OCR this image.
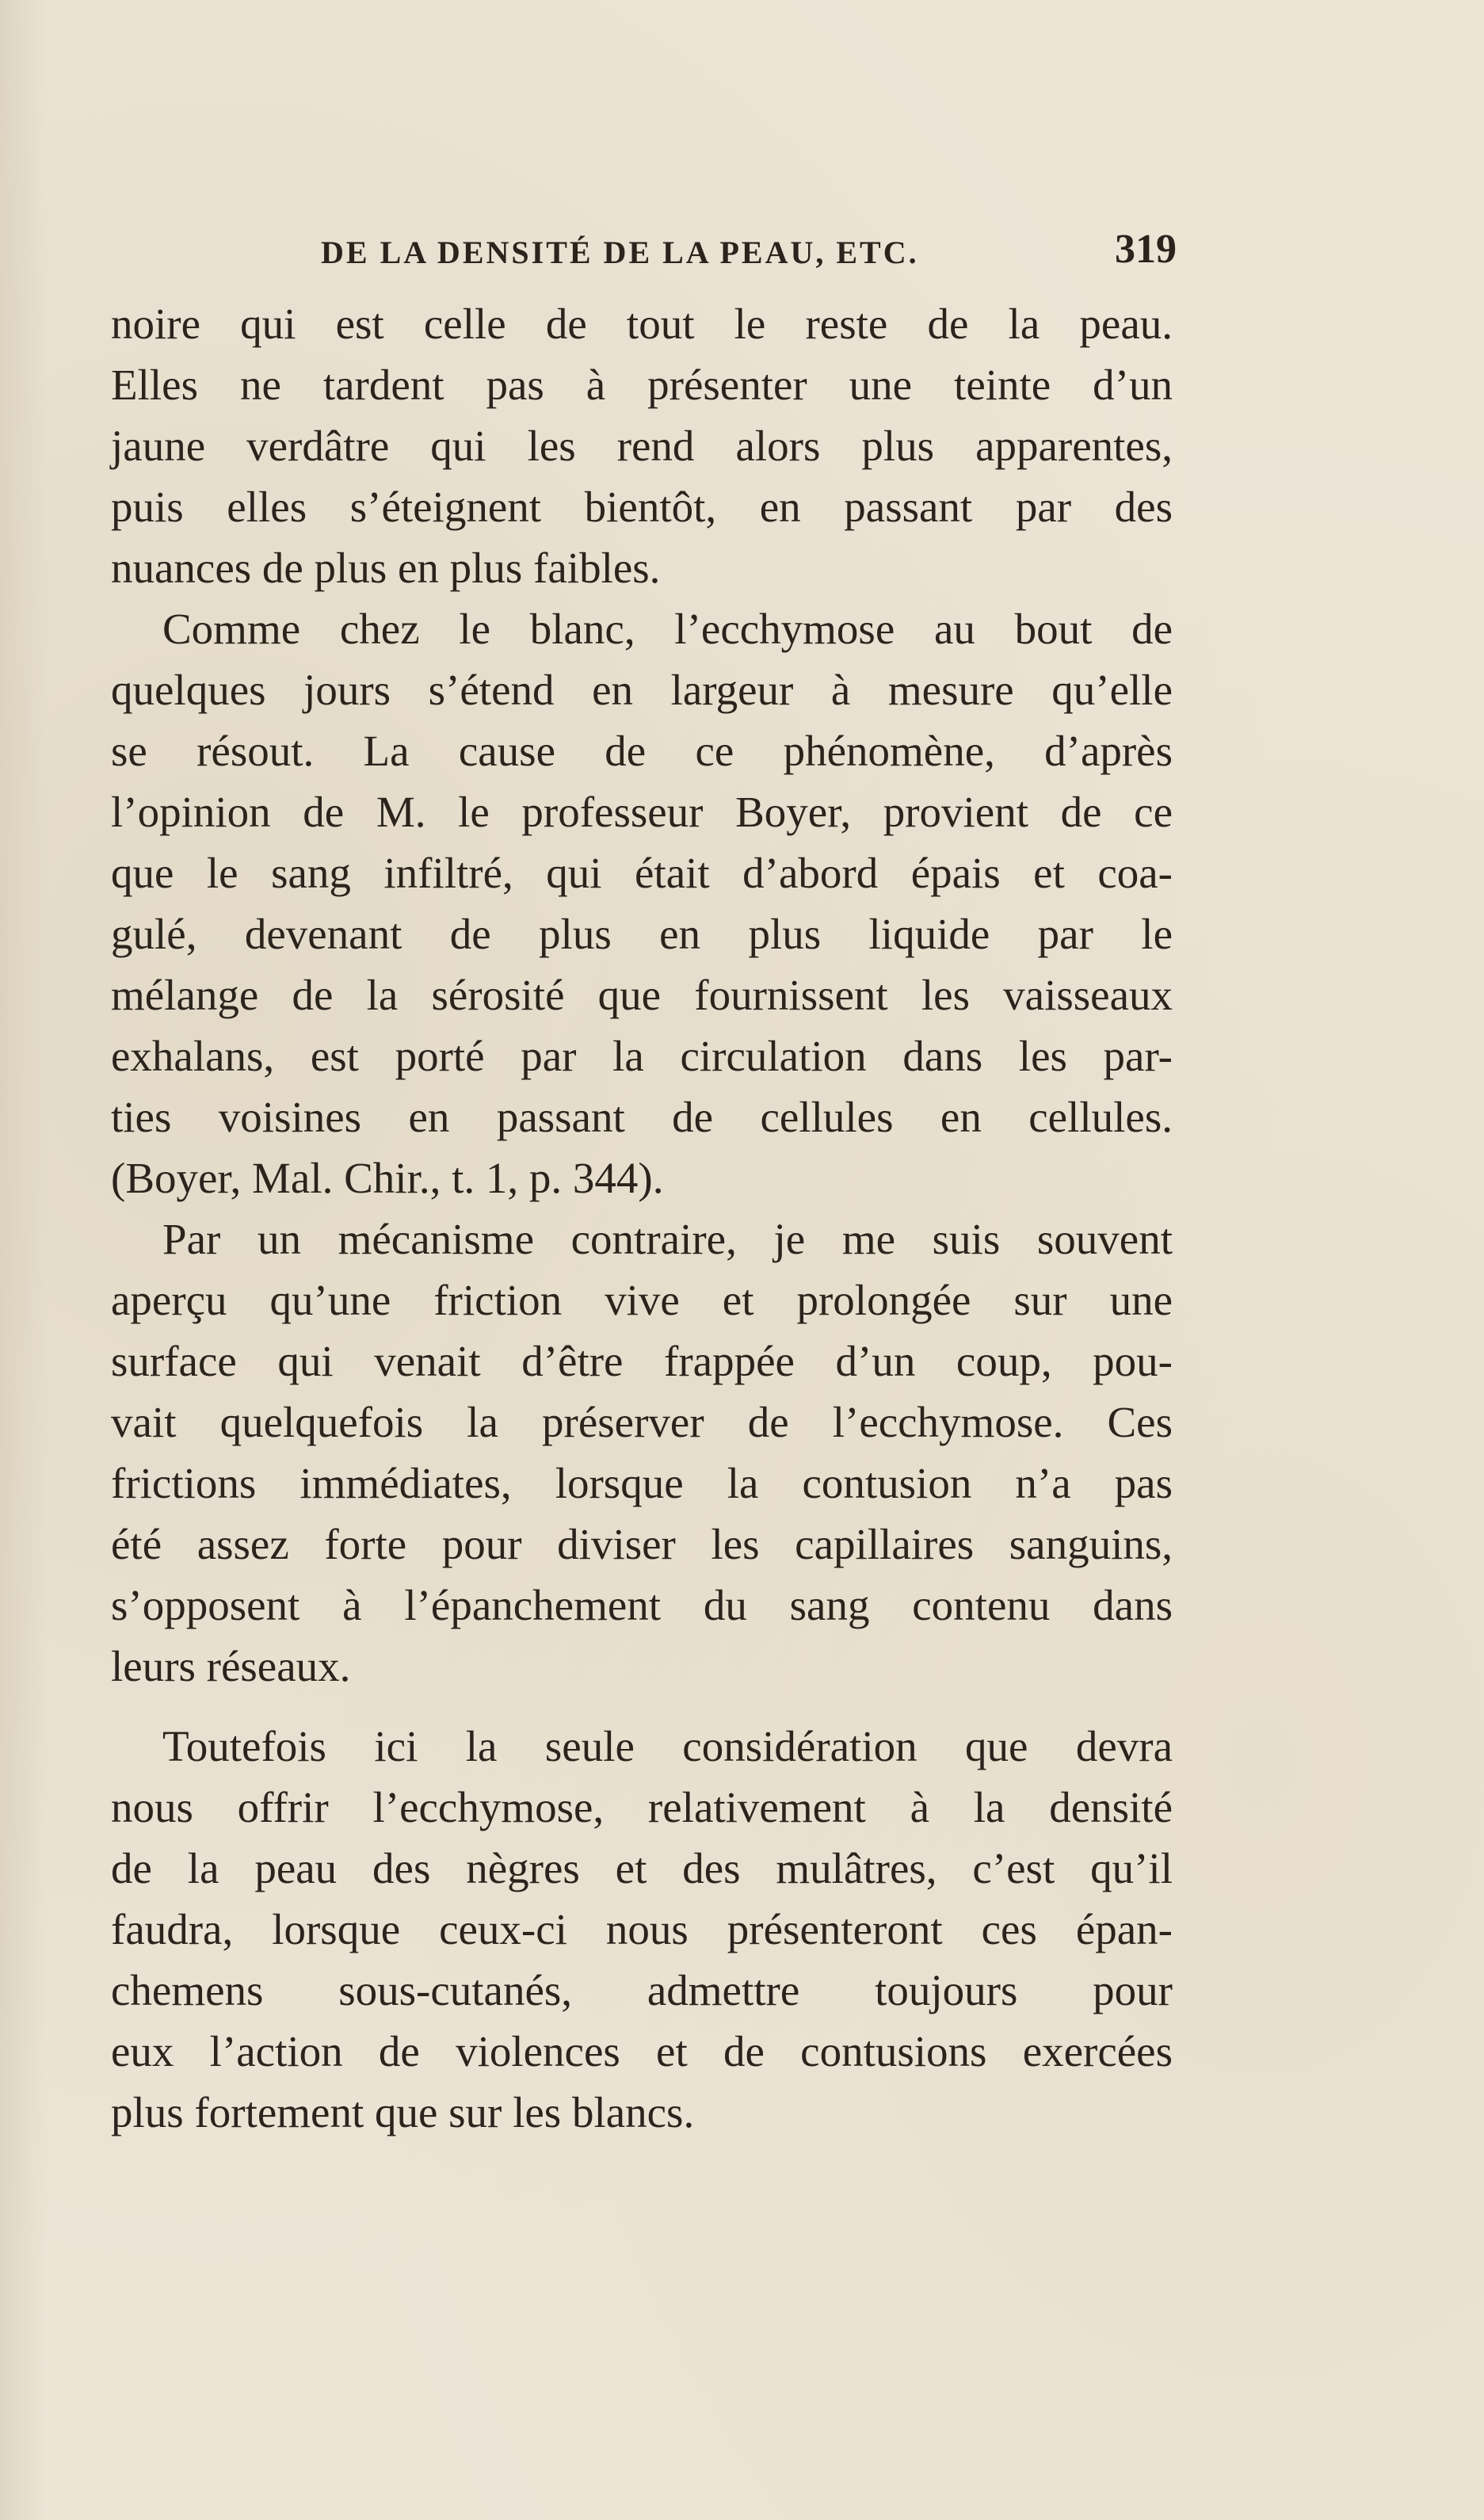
DE LA DENSITÉ DE LA PEAU, ETC.	319
noire qui est celle de tout le reste de la peau.
Elles ne tardent pas à présenter une teinte d’un
jaune verdâtre qui les rend alors plus apparentes,
puis elles s’éteignent bientôt, en passant par des
nuances de plus en plus faibles.
Comme chez le blanc, l’ecchymose au bout de
quelques jours s’étend en largeur à mesure qu’elle
se résout. La cause de ce phénomène, d’après
l’opinion de M. le professeur Boyer, provient de ce
que le sang infiltré, qui était d’abord épais et coa-
gulé, devenant de plus en plus liquide par le
mélange de la sérosité que fournissent les vaisseaux
exhalans, est porté par la circulation dans les par-
ties voisines en passant de cellules en cellules.
(Boyer, Mal. Chir., t. 1, p. 344).
Par un mécanisme contraire, je me suis souvent
aperçu qu’une friction vive et prolongée sur une
surface qui venait d’être frappée d’un coup, pou-
vait quelquefois la préserver de l’ecchymose. Ces
frictions immédiates, lorsque la contusion n’a pas
été assez forte pour diviser les capillaires sanguins,
s’opposent à l’épanchement du sang contenu dans
leurs réseaux.
Toutefois ici la seule considération que devra
nous offrir l’ecchymose, relativement à la densité
de la peau des nègres et des mulâtres, c’est qu’il
faudra, lorsque ceux-ci nous présenteront ces épan-
chemens sous-cutanés, admettre toujours pour
eux l’action de violences et de contusions exercées
plus fortement que sur les blancs.
